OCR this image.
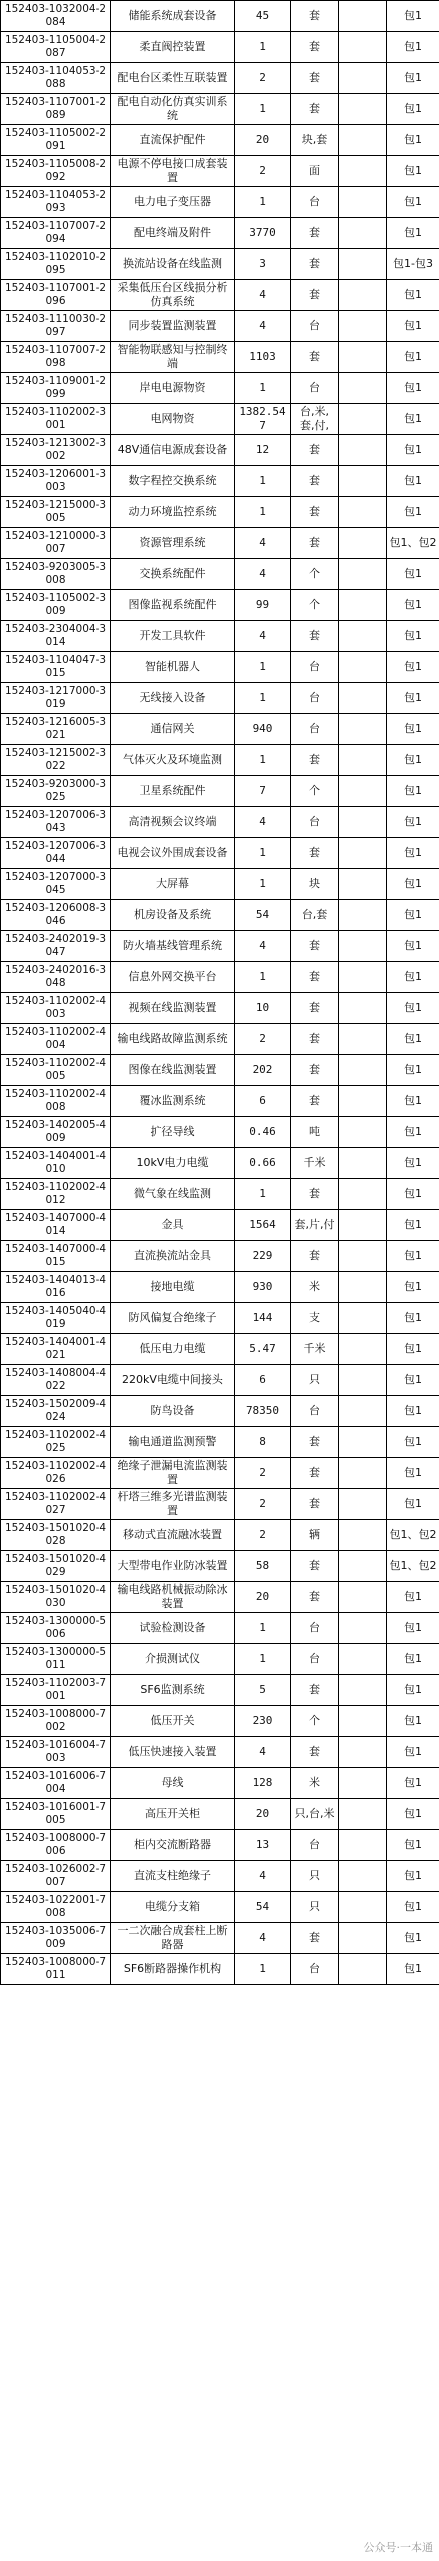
152403-1032004-2084	储能系统成套设备	45	套		包1
152403-1105004-2087	柔直阀控装置	1	套		包1
152403-1104053-2088	配电台区柔性互联装置	2	套		包1
152403-1107001-2089	配电自动化仿真实训系统	1	套		包1
152403-1105002-2091	直流保护配件	20	块,套		包1
152403-1105008-2092	电源不停电接口成套装置	2	面		包1
152403-1104053-2093	电力电子变压器	1	台		包1
152403-1107007-2094	配电终端及附件	3770	套		包1
152403-1102010-2095	换流站设备在线监测	3	套		包1-包3
152403-1107001-2096	采集低压台区线损分析仿真系统	4	套		包1
152403-1110030-2097	同步装置监测装置	4	台		包1
152403-1107007-2098	智能物联感知与控制终端	1103	套		包1
152403-1109001-2099	岸电电源物资	1	台		包1
152403-1102002-3001	电网物资	1382.547	台,米,套,付,		包1
152403-1213002-3002	48V通信电源成套设备	12	套		包1
152403-1206001-3003	数字程控交换系统	1	套		包1
152403-1215000-3005	动力环境监控系统	1	套		包1
152403-1210000-3007	资源管理系统	4	套		包1、包2
152403-9203005-3008	交换系统配件	4	个		包1
152403-1105002-3009	图像监视系统配件	99	个		包1
152403-2304004-3014	开发工具软件	4	套		包1
152403-1104047-3015	智能机器人	1	台		包1
152403-1217000-3019	无线接入设备	1	台		包1
152403-1216005-3021	通信网关	940	台		包1
152403-1215002-3022	气体灭火及环境监测	1	套		包1
152403-9203000-3025	卫星系统配件	7	个		包1
152403-1207006-3043	高清视频会议终端	4	台		包1
152403-1207006-3044	电视会议外围成套设备	1	套		包1
152403-1207000-3045	大屏幕	1	块		包1
152403-1206008-3046	机房设备及系统	54	台,套		包1
152403-2402019-3047	防火墙基线管理系统	4	套		包1
152403-2402016-3048	信息外网交换平台	1	套		包1
152403-1102002-4003	视频在线监测装置	10	套		包1
152403-1102002-4004	输电线路故障监测系统	2	套		包1
152403-1102002-4005	图像在线监测装置	202	套		包1
152403-1102002-4008	覆冰监测系统	6	套		包1
152403-1402005-4009	扩径导线	0.46	吨		包1
152403-1404001-4010	10kV电力电缆	0.66	千米		包1
152403-1102002-4012	微气象在线监测	1	套		包1
152403-1407000-4014	金具	1564	套,片,付		包1
152403-1407000-4015	直流换流站金具	229	套		包1
152403-1404013-4016	接地电缆	930	米		包1
152403-1405040-4019	防风偏复合绝缘子	144	支		包1
152403-1404001-4021	低压电力电缆	5.47	千米		包1
152403-1408004-4022	220kV电缆中间接头	6	只		包1
152403-1502009-4024	防鸟设备	78350	台		包1
152403-1102002-4025	输电通道监测预警	8	套		包1
152403-1102002-4026	绝缘子泄漏电流监测装置	2	套		包1
152403-1102002-4027	杆塔三维多光谱监测装置	2	套		包1
152403-1501020-4028	移动式直流融冰装置	2	辆		包1、包2
152403-1501020-4029	大型带电作业防冰装置	58	套		包1、包2
152403-1501020-4030	输电线路机械振动除冰装置	20	套		包1
152403-1300000-5006	试验检测设备	1	台		包1
152403-1300000-5011	介损测试仪	1	台		包1
152403-1102003-7001	SF6监测系统	5	套		包1
152403-1008000-7002	低压开关	230	个		包1
152403-1016004-7003	低压快速接入装置	4	套		包1
152403-1016006-7004	母线	128	米		包1
152403-1016001-7005	高压开关柜	20	只,台,米		包1
152403-1008000-7006	柜内交流断路器	13	台		包1
152403-1026002-7007	直流支柱绝缘子	4	只		包1
152403-1022001-7008	电缆分支箱	54	只		包1
152403-1035006-7009	一二次融合成套柱上断路器	4	套		包1
152403-1008000-7011	SF6断路器操作机构	1	台		包1
公众号·一本通
